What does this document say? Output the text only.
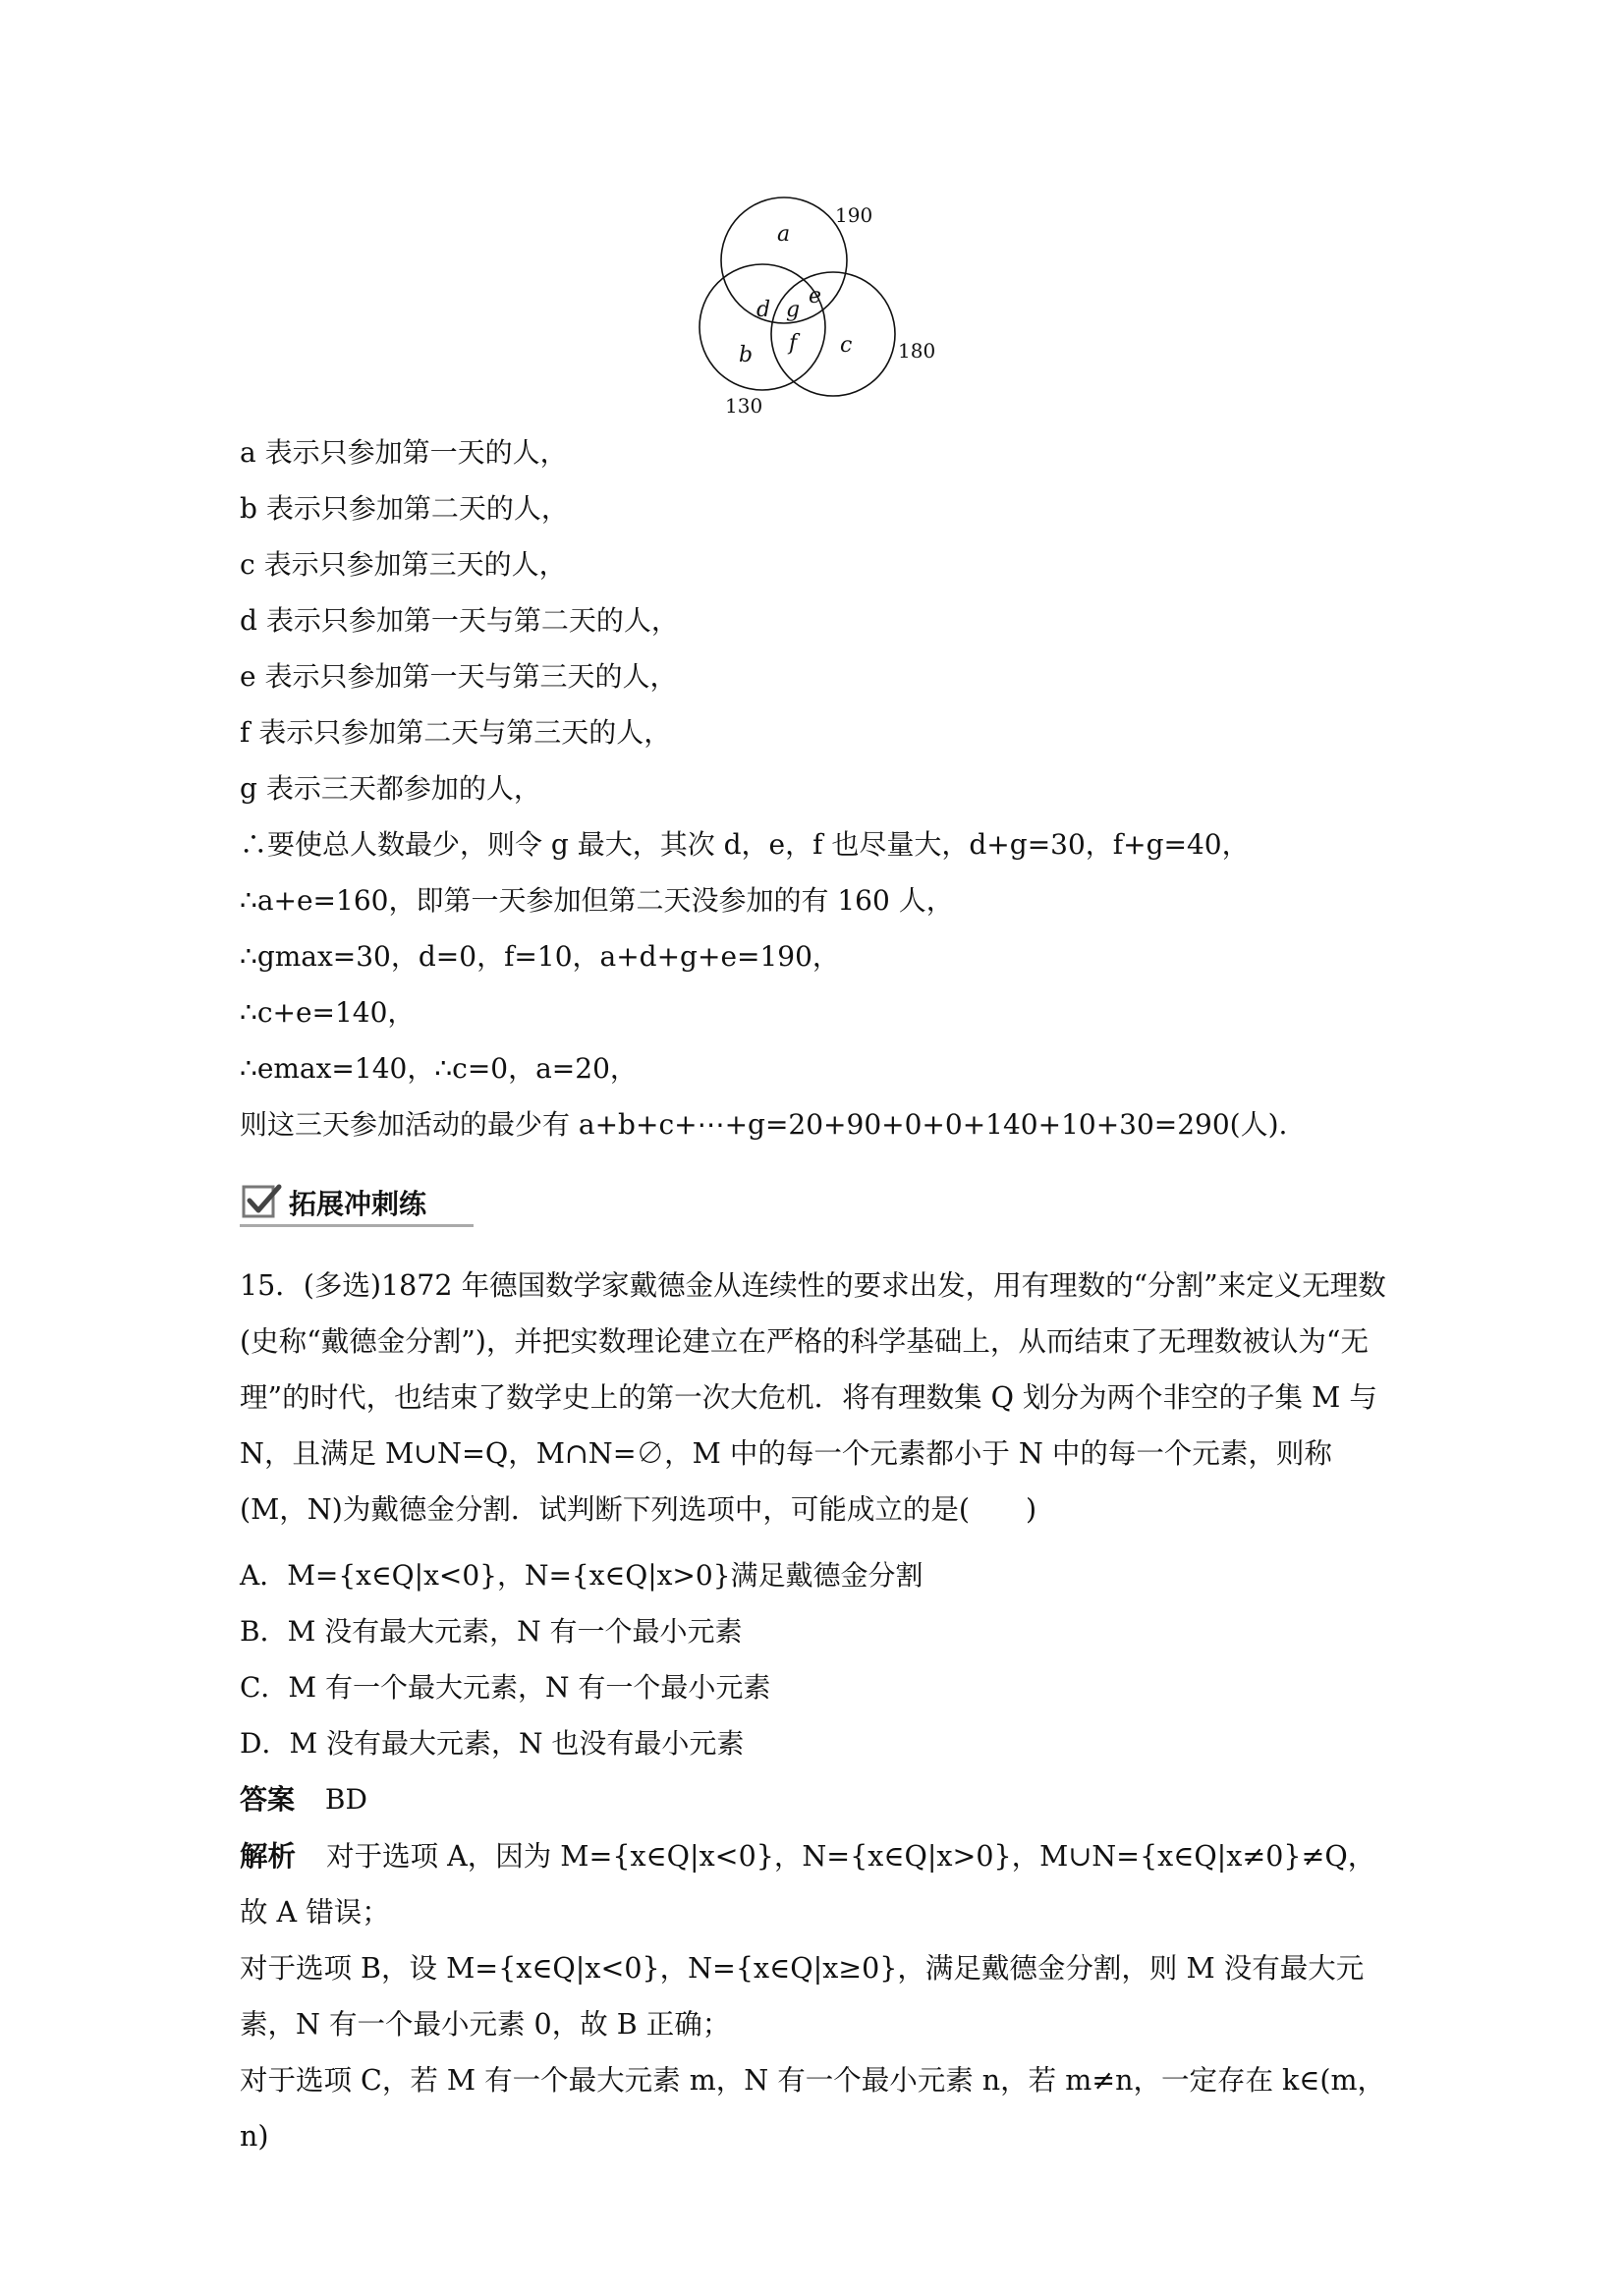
a
d g
e
f
b	c
190
180
130
a 表示只参加第一天的人，
b 表示只参加第二天的人，
c 表示只参加第三天的人，
d 表示只参加第一天与第二天的人，
e 表示只参加第一天与第三天的人，
f 表示只参加第二天与第三天的人，
g 表示三天都参加的人，
∴要使总人数最少，则令 g 最大，其次 d，e，f 也尽量大，d+g=30，f+g=40，
∴a+e=160，即第一天参加但第二天没参加的有 160 人，
∴gmax=30，d=0，f=10，a+d+g+e=190，
∴c+e=140，
∴emax=140，∴c=0，a=20，
则这三天参加活动的最少有 a+b+c+⋯+g=20+90+0+0+140+10+30=290(人).
拓展冲刺练
15．(多选)1872 年德国数学家戴德金从连续性的要求出发，用有理数的“分割”来定义无理数(史称“戴德金分割”)，并把实数理论建立在严格的科学基础上，从而结束了无理数被认为“无理”的时代，也结束了数学史上的第一次大危机．将有理数集 Q 划分为两个非空的子集 M 与 N，且满足 M∪N=Q，M∩N=∅，M 中的每一个元素都小于 N 中的每一个元素，则称(M，N)为戴德金分割．试判断下列选项中，可能成立的是(　　)
A．M={x∈Q|x<0}，N={x∈Q|x>0}满足戴德金分割
B．M 没有最大元素，N 有一个最小元素
C．M 有一个最大元素，N 有一个最小元素
D．M 没有最大元素，N 也没有最小元素
答案 BD
解析 对于选项 A，因为 M={x∈Q|x<0}，N={x∈Q|x>0}，M∪N={x∈Q|x≠0}≠Q，故 A 错误；
对于选项 B，设 M={x∈Q|x<0}，N={x∈Q|x≥0}，满足戴德金分割，则 M 没有最大元素，N 有一个最小元素 0，故 B 正确；
对于选项 C，若 M 有一个最大元素 m，N 有一个最小元素 n，若 m≠n，一定存在 k∈(m，n)
